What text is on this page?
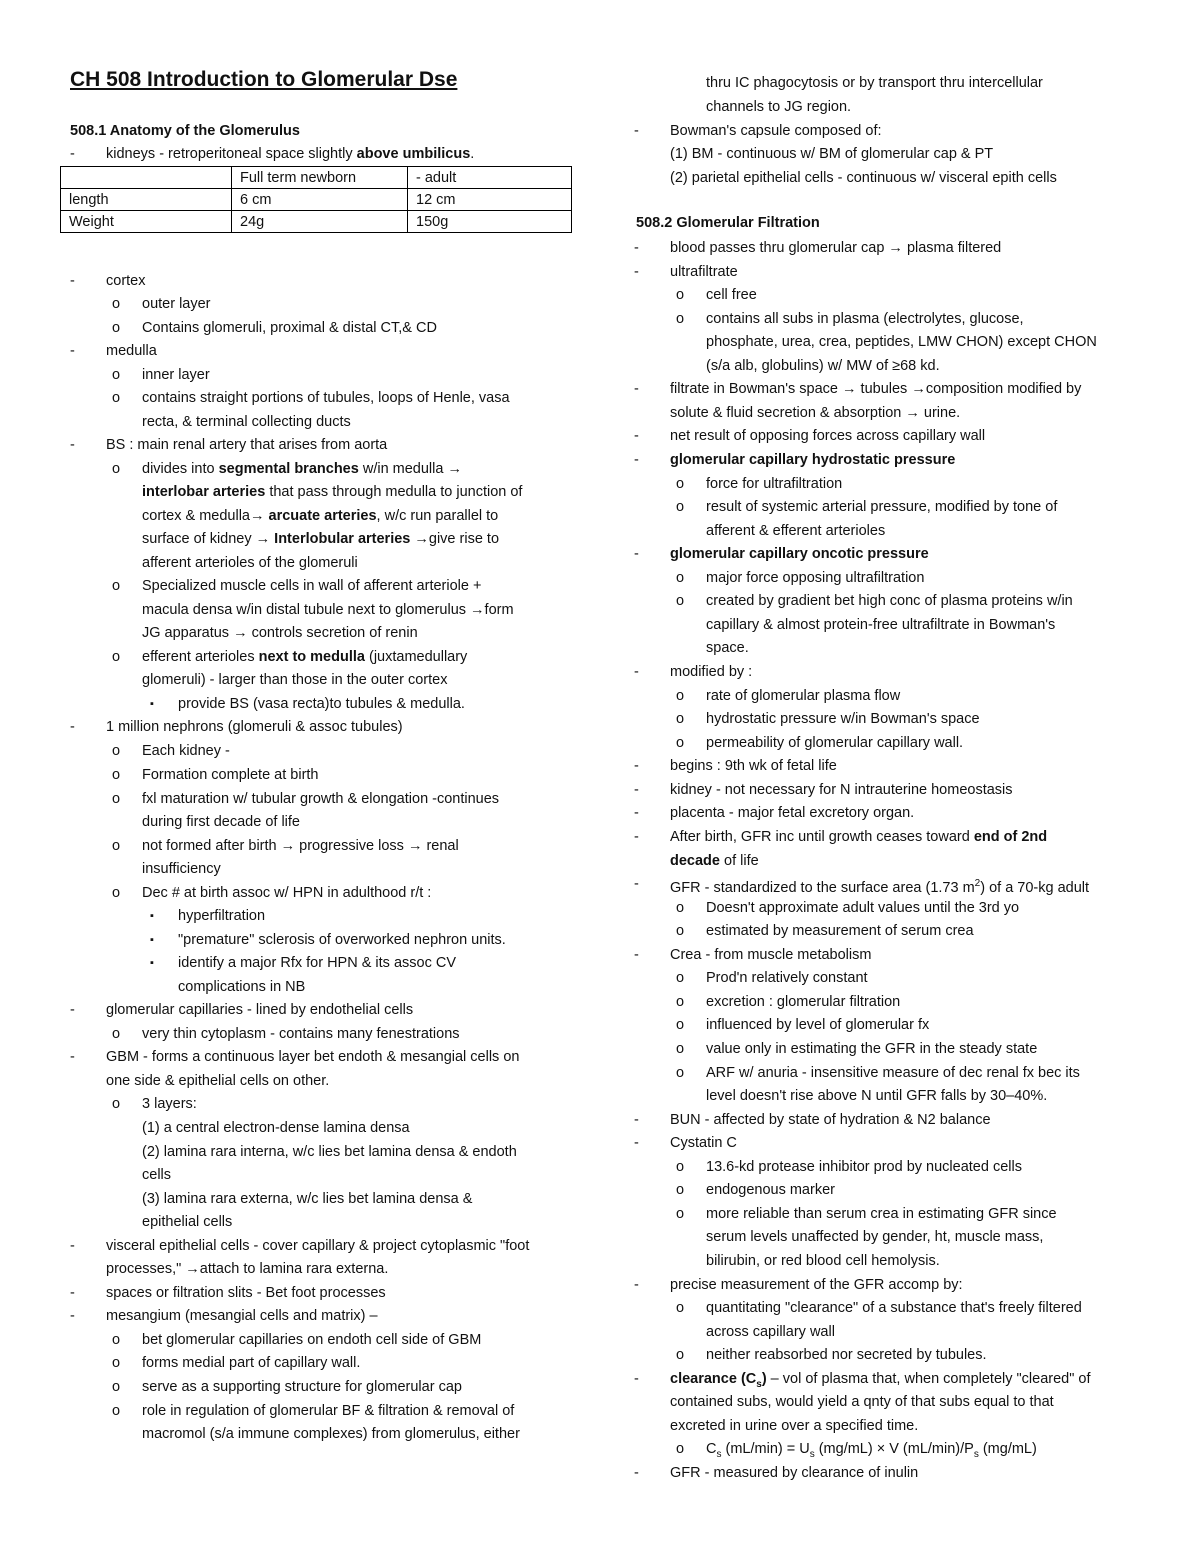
CH 508 Introduction to Glomerular Dse
508.1 Anatomy of the Glomerulus
508.2 Glomerular Filtration
- kidneys - retroperitoneal space slightly above umbilicus.
	Full term newborn	- adult
length	6 cm	12 cm
Weight	24g	150g
- cortex
o outer layer
o Contains glomeruli, proximal & distal CT,& CD
- medulla
o inner layer
o contains straight portions of tubules, loops of Henle, vasa
recta, & terminal collecting ducts
- BS : main renal artery that arises from aorta
o divides into segmental branches w/in medulla →
interlobar arteries that pass through medulla to junction of
cortex & medulla→ arcuate arteries, w/c run parallel to
surface of kidney → Interlobular arteries →give rise to
afferent arterioles of the glomeruli
o Specialized muscle cells in wall of afferent arteriole +
macula densa w/in distal tubule next to glomerulus →form
JG apparatus → controls secretion of renin
o efferent arterioles next to medulla (juxtamedullary
glomeruli) - larger than those in the outer cortex
▪ provide BS (vasa recta)to tubules & medulla.
- 1 million nephrons (glomeruli & assoc tubules)
o Each kidney -
o Formation complete at birth
o fxl maturation w/ tubular growth & elongation -continues
during first decade of life
o not formed after birth → progressive loss → renal
insufficiency
o Dec # at birth assoc w/ HPN in adulthood r/t :
▪ hyperfiltration
▪ "premature" sclerosis of overworked nephron units.
▪ identify a major Rfx for HPN & its assoc CV
complications in NB
- glomerular capillaries - lined by endothelial cells
o very thin cytoplasm - contains many fenestrations
- GBM - forms a continuous layer bet endoth & mesangial cells on
one side & epithelial cells on other.
o 3 layers:
(1) a central electron-dense lamina densa
(2) lamina rara interna, w/c lies bet lamina densa & endoth
cells
(3) lamina rara externa, w/c lies bet lamina densa &
epithelial cells
- visceral epithelial cells - cover capillary & project cytoplasmic "foot
processes," →attach to lamina rara externa.
- spaces or filtration slits - Bet foot processes
- mesangium (mesangial cells and matrix) –
o bet glomerular capillaries on endoth cell side of GBM
o forms medial part of capillary wall.
o serve as a supporting structure for glomerular cap
o role in regulation of glomerular BF & filtration & removal of
macromol (s/a immune complexes) from glomerulus, either
thru IC phagocytosis or by transport thru intercellular
channels to JG region.
- Bowman's capsule composed of:
(1) BM - continuous w/ BM of glomerular cap & PT
(2) parietal epithelial cells - continuous w/ visceral epith cells
- blood passes thru glomerular cap → plasma filtered
- ultrafiltrate
o cell free
o contains all subs in plasma (electrolytes, glucose,
phosphate, urea, crea, peptides, LMW CHON) except CHON
(s/a alb, globulins) w/ MW of ≥68 kd.
- filtrate in Bowman's space → tubules →composition modified by
solute & fluid secretion & absorption → urine.
- net result of opposing forces across capillary wall
- glomerular capillary hydrostatic pressure
o force for ultrafiltration
o result of systemic arterial pressure, modified by tone of
afferent & efferent arterioles
- glomerular capillary oncotic pressure
o major force opposing ultrafiltration
o created by gradient bet high conc of plasma proteins w/in
capillary & almost protein-free ultrafiltrate in Bowman's
space.
- modified by :
o rate of glomerular plasma flow
o hydrostatic pressure w/in Bowman's space
o permeability of glomerular capillary wall.
- begins : 9th wk of fetal life
- kidney - not necessary for N intrauterine homeostasis
- placenta - major fetal excretory organ.
- After birth, GFR inc until growth ceases toward end of 2nd
decade of life
- GFR - standardized to the surface area (1.73 $m^2$) of a 70-kg adult
o Doesn't approximate adult values until the 3rd yo
o estimated by measurement of serum crea
- Crea - from muscle metabolism
o Prod'n relatively constant
o excretion : glomerular filtration
o influenced by level of glomerular fx
o value only in estimating the GFR in the steady state
o ARF w/ anuria - insensitive measure of dec renal fx bec its
level doesn't rise above N until GFR falls by 30–40%.
- BUN - affected by state of hydration & N2 balance
- Cystatin C
o 13.6-kd protease inhibitor prod by nucleated cells
o endogenous marker
o more reliable than serum crea in estimating GFR since
serum levels unaffected by gender, ht, muscle mass,
bilirubin, or red blood cell hemolysis.
- precise measurement of the GFR accomp by:
o quantitating "clearance" of a substance that's freely filtered
across capillary wall
o neither reabsorbed nor secreted by tubules.
- clearance $(C_s)$ – vol of plasma that, when completely "cleared" of
contained subs, would yield a qnty of that subs equal to that
excreted in urine over a specified time.
o $C_s$ $(mL/\min) = U_s$ (mg/mL) × V $(mL/\min)/P_s$ (mg/mL)
- GFR - measured by clearance of inulin
